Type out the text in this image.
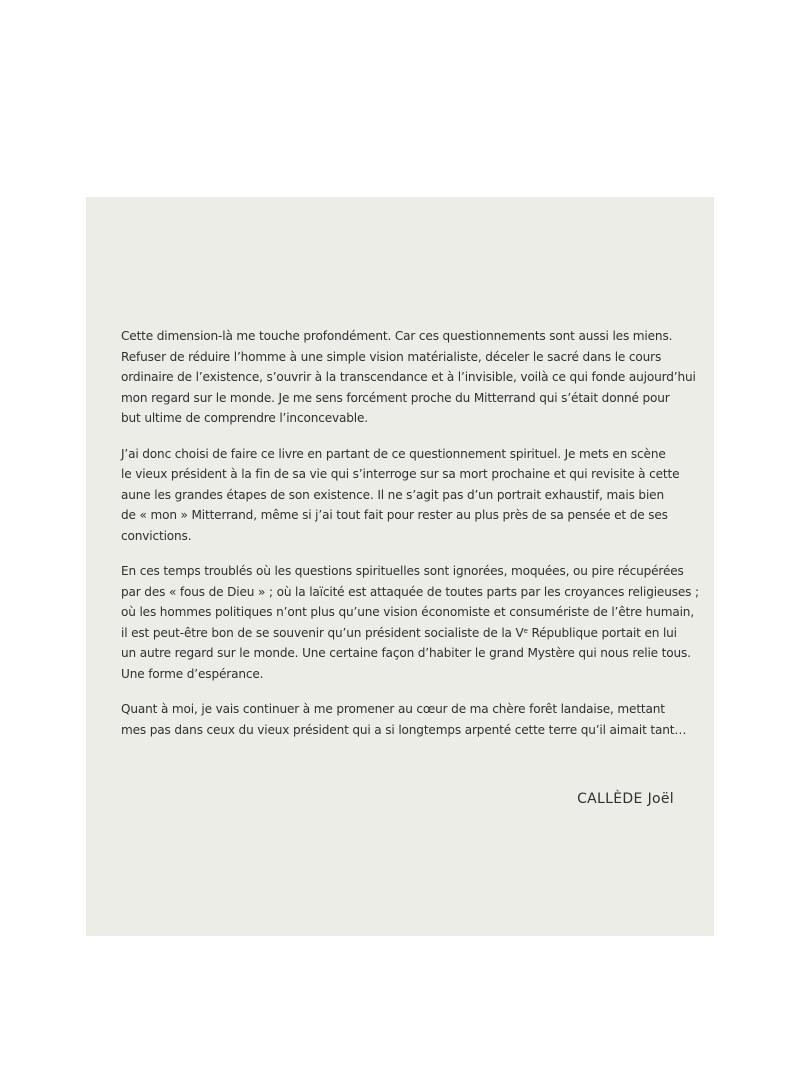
Cette dimension-là me touche profondément. Car ces questionnements sont aussi les miens.
Refuser de réduire l’homme à une simple vision matérialiste, déceler le sacré dans le cours
ordinaire de l’existence, s’ouvrir à la transcendance et à l’invisible, voilà ce qui fonde aujourd’hui
mon regard sur le monde. Je me sens forcément proche du Mitterrand qui s’était donné pour
but ultime de comprendre l’inconcevable.

J’ai donc choisi de faire ce livre en partant de ce questionnement spirituel. Je mets en scène
le vieux président à la fin de sa vie qui s’interroge sur sa mort prochaine et qui revisite à cette
aune les grandes étapes de son existence. Il ne s’agit pas d’un portrait exhaustif, mais bien
de « mon » Mitterrand, même si j’ai tout fait pour rester au plus près de sa pensée et de ses
convictions.

En ces temps troublés où les questions spirituelles sont ignorées, moquées, ou pire récupérées
par des « fous de Dieu » ; où la laïcité est attaquée de toutes parts par les croyances religieuses ;
où les hommes politiques n’ont plus qu’une vision économiste et consumériste de l’être humain,
il est peut-être bon de se souvenir qu’un président socialiste de la Ve République portait en lui
un autre regard sur le monde. Une certaine façon d’habiter le grand Mystère qui nous relie tous.
Une forme d’espérance.

Quant à moi, je vais continuer à me promener au cœur de ma chère forêt landaise, mettant
mes pas dans ceux du vieux président qui a si longtemps arpenté cette terre qu’il aimait tant…

CALLÈDE Joël
